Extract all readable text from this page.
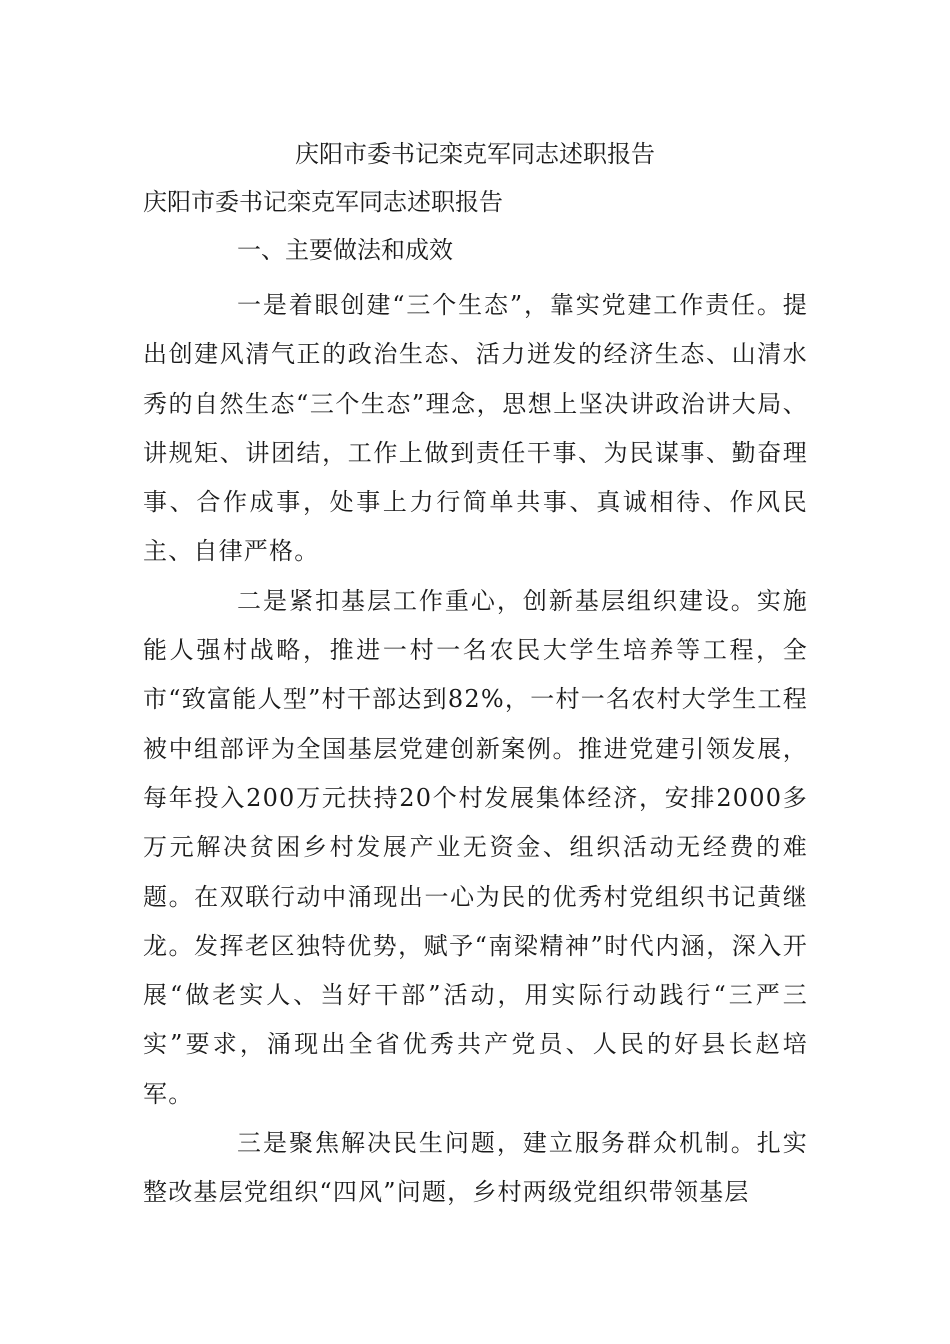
庆阳市委书记栾克军同志述职报告
庆阳市委书记栾克军同志述职报告
一、主要做法和成效

一是着眼创建“三个生态”，靠实党建工作责任。提出创建风清气正的政治生态、活力迸发的经济生态、山清水秀的自然生态“三个生态”理念，思想上坚决讲政治讲大局、讲规矩、讲团结，工作上做到责任干事、为民谋事、勤奋理事、合作成事，处事上力行简单共事、真诚相待、作风民主、自律严格。

二是紧扣基层工作重心，创新基层组织建设。实施能人强村战略，推进一村一名农民大学生培养等工程，全市“致富能人型”村干部达到82%，一村一名农村大学生工程被中组部评为全国基层党建创新案例。推进党建引领发展，每年投入200万元扶持20个村发展集体经济，安排2000多万元解决贫困乡村发展产业无资金、组织活动无经费的难题。在双联行动中涌现出一心为民的优秀村党组织书记黄继龙。发挥老区独特优势，赋予“南梁精神”时代内涵，深入开展“做老实人、当好干部”活动，用实际行动践行“三严三实”要求，涌现出全省优秀共产党员、人民的好县长赵培军。

三是聚焦解决民生问题，建立服务群众机制。扎实整改基层党组织“四风”问题，乡村两级党组织带领基层
